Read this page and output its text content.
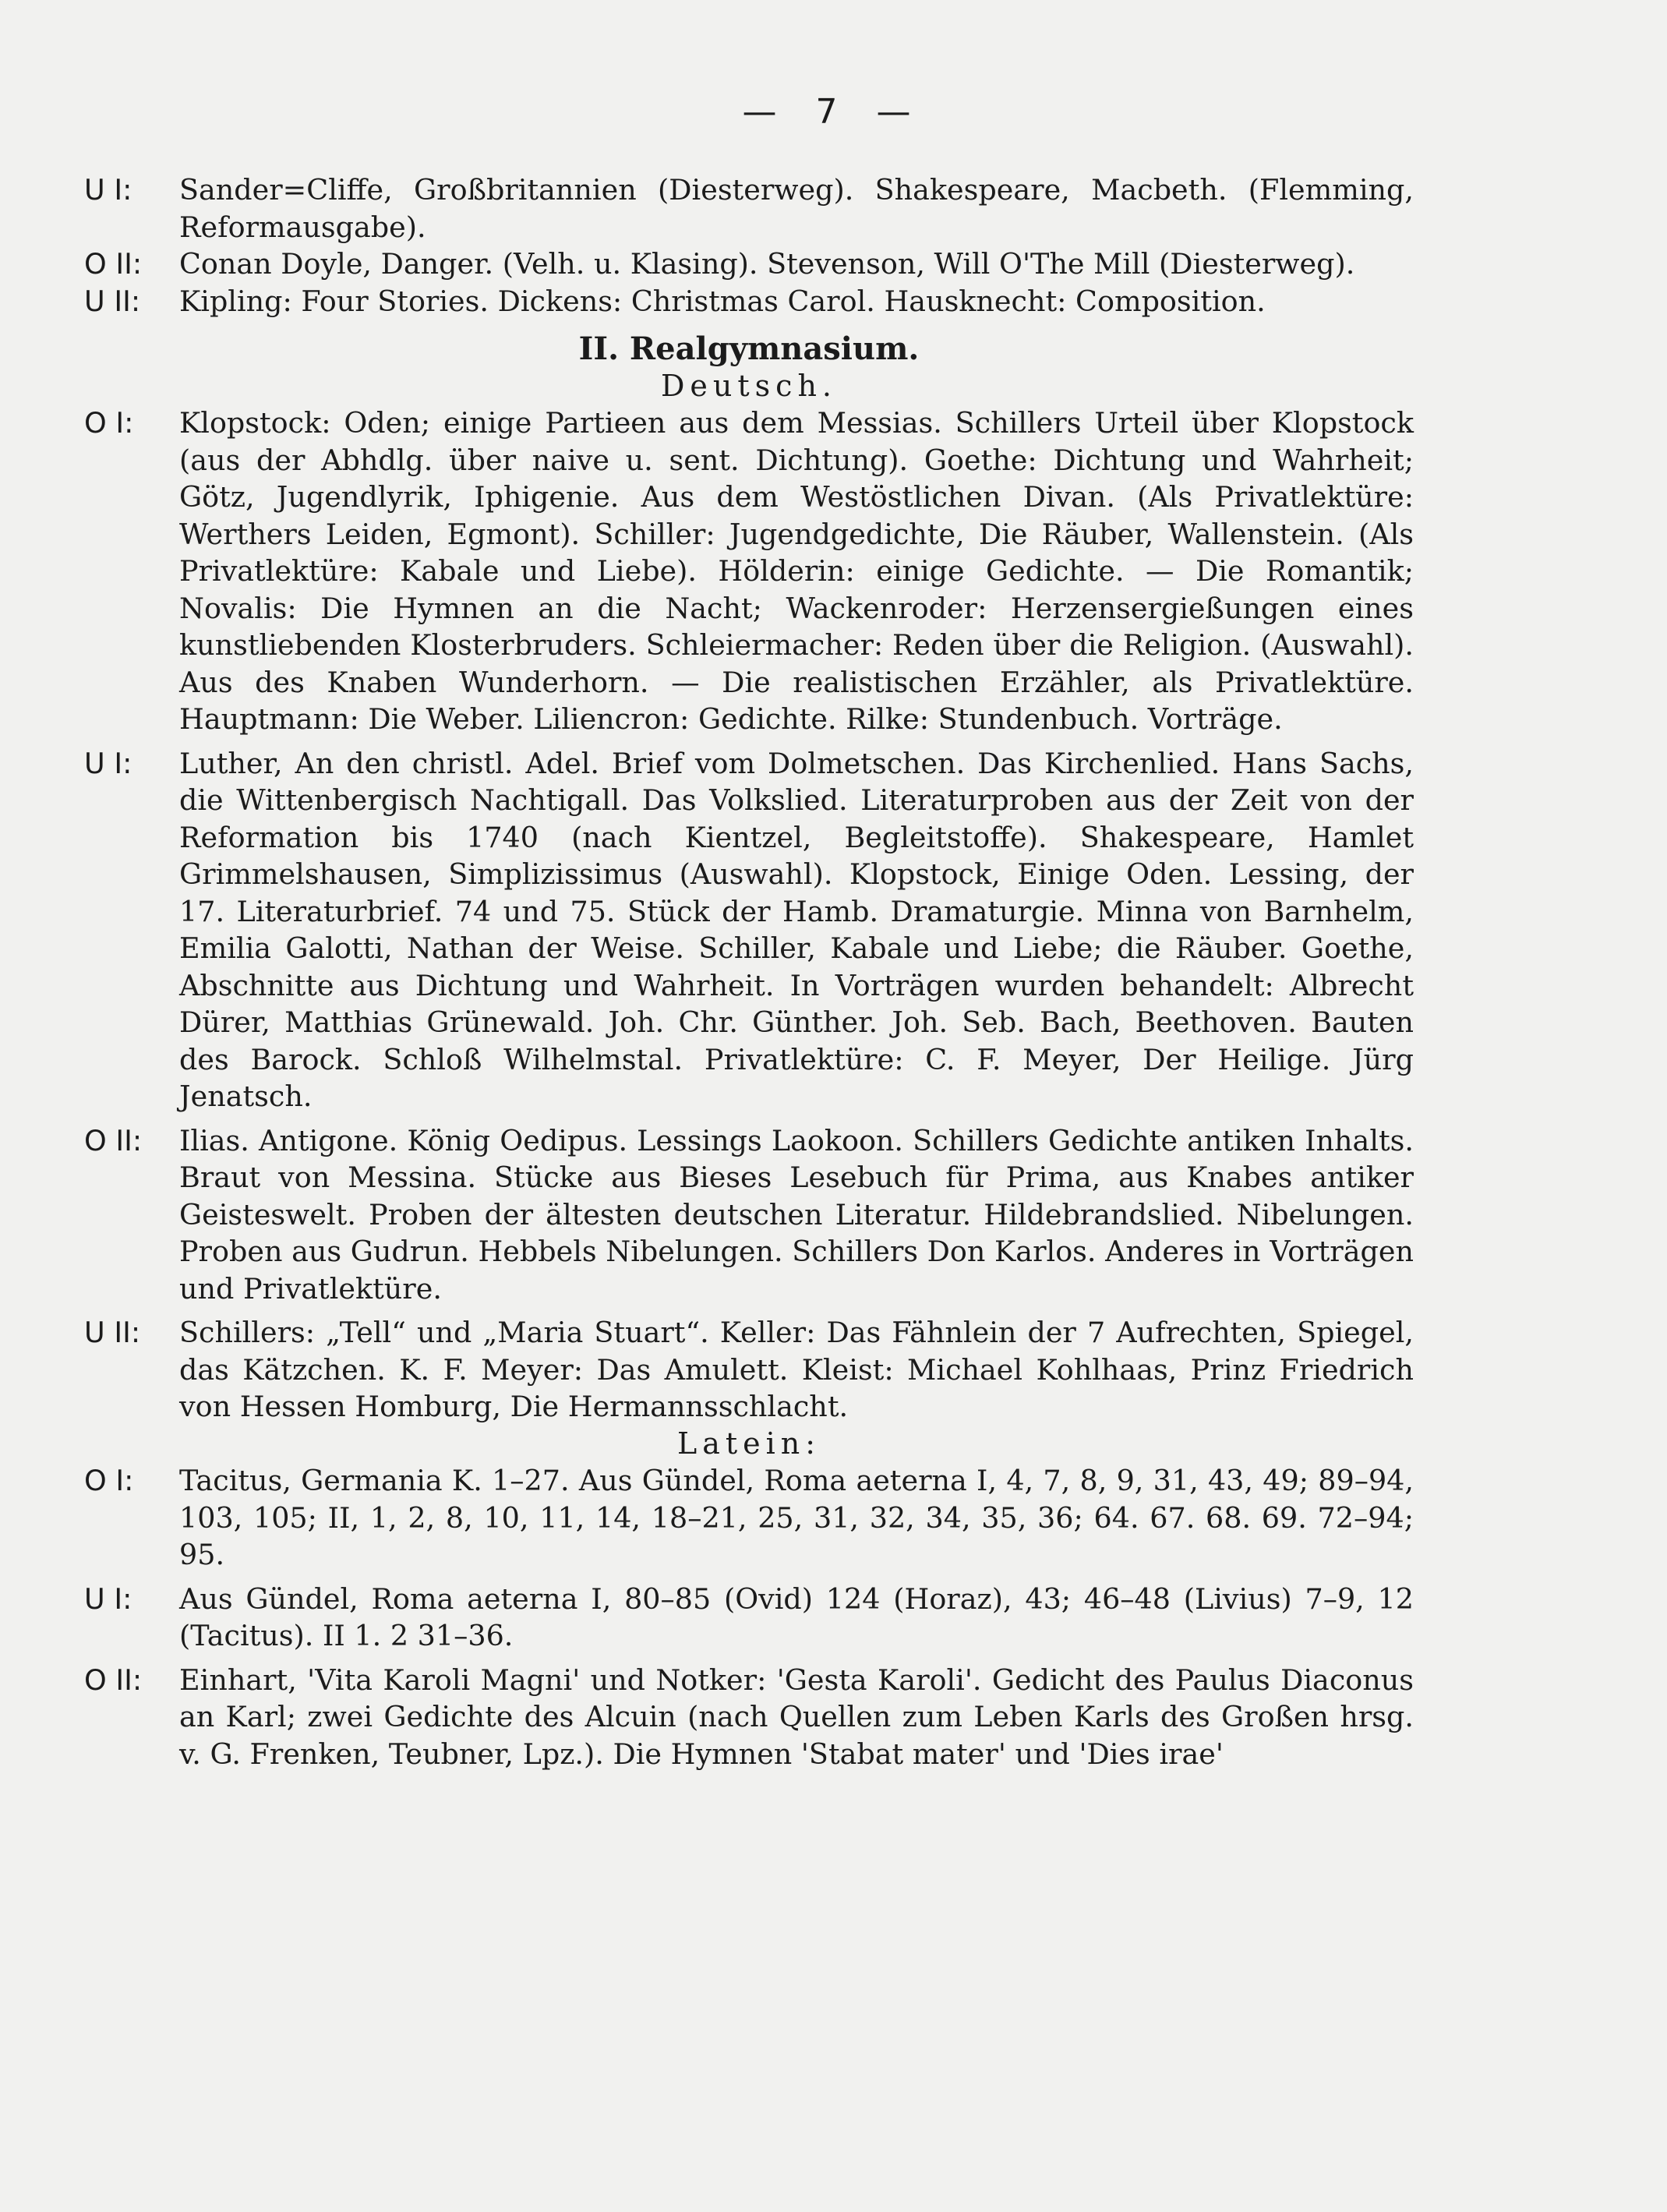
— 7 —
U I:	Sander=Cliffe, Großbritannien (Diesterweg). Shakespeare, Macbeth. (Flemming, Reformausgabe).
O II:	Conan Doyle, Danger. (Velh. u. Klasing). Stevenson, Will O'The Mill (Diesterweg).
U II:	Kipling: Four Stories. Dickens: Christmas Carol. Hausknecht: Composition.
II. Realgymnasium.
Deutsch.
O I:	Klopstock: Oden; einige Partieen aus dem Messias. Schillers Urteil über Klopstock (aus der Abhdlg. über naive u. sent. Dichtung). Goethe: Dichtung und Wahrheit; Götz, Jugendlyrik, Iphigenie. Aus dem Westöstlichen Divan. (Als Privatlektüre: Werthers Leiden, Egmont). Schiller: Jugendgedichte, Die Räuber, Wallenstein. (Als Privatlektüre: Kabale und Liebe). Hölderin: einige Gedichte. — Die Romantik; Novalis: Die Hymnen an die Nacht; Wackenroder: Herzensergießungen eines kunstliebenden Klosterbruders. Schleiermacher: Reden über die Religion. (Auswahl). Aus des Knaben Wunderhorn. — Die realistischen Erzähler, als Privatlektüre. Hauptmann: Die Weber. Liliencron: Gedichte. Rilke: Stundenbuch. Vorträge.
U I:	Luther, An den christl. Adel. Brief vom Dolmetschen. Das Kirchenlied. Hans Sachs, die Wittenbergisch Nachtigall. Das Volkslied. Literaturproben aus der Zeit von der Reformation bis 1740 (nach Kientzel, Begleitstoffe). Shakespeare, Hamlet Grimmelshausen, Simplizissimus (Auswahl). Klopstock, Einige Oden. Lessing, der 17. Literaturbrief. 74 und 75. Stück der Hamb. Dramaturgie. Minna von Barnhelm, Emilia Galotti, Nathan der Weise. Schiller, Kabale und Liebe; die Räuber. Goethe, Abschnitte aus Dichtung und Wahrheit. In Vorträgen wurden behandelt: Albrecht Dürer, Matthias Grünewald. Joh. Chr. Günther. Joh. Seb. Bach, Beethoven. Bauten des Barock. Schloß Wilhelmstal. Privatlektüre: C. F. Meyer, Der Heilige. Jürg Jenatsch.
O II:	Ilias. Antigone. König Oedipus. Lessings Laokoon. Schillers Gedichte antiken Inhalts. Braut von Messina. Stücke aus Bieses Lesebuch für Prima, aus Knabes antiker Geisteswelt. Proben der ältesten deutschen Literatur. Hildebrandslied. Nibelungen. Proben aus Gudrun. Hebbels Nibelungen. Schillers Don Karlos. Anderes in Vorträgen und Privatlektüre.
U II:	Schillers: „Tell“ und „Maria Stuart“. Keller: Das Fähnlein der 7 Aufrechten, Spiegel, das Kätzchen. K. F. Meyer: Das Amulett. Kleist: Michael Kohlhaas, Prinz Friedrich von Hessen Homburg, Die Hermannsschlacht.
Latein:
O I:	Tacitus, Germania K. 1–27. Aus Gündel, Roma aeterna I, 4, 7, 8, 9, 31, 43, 49; 89–94, 103, 105; II, 1, 2, 8, 10, 11, 14, 18–21, 25, 31, 32, 34, 35, 36; 64. 67. 68. 69. 72–94; 95.
U I:	Aus Gündel, Roma aeterna I, 80–85 (Ovid) 124 (Horaz), 43; 46–48 (Livius) 7–9, 12 (Tacitus). II 1. 2 31–36.
O II:	Einhart, 'Vita Karoli Magni' und Notker: 'Gesta Karoli'. Gedicht des Paulus Diaconus an Karl; zwei Gedichte des Alcuin (nach Quellen zum Leben Karls des Großen hrsg. v. G. Frenken, Teubner, Lpz.). Die Hymnen 'Stabat mater' und 'Dies irae'
